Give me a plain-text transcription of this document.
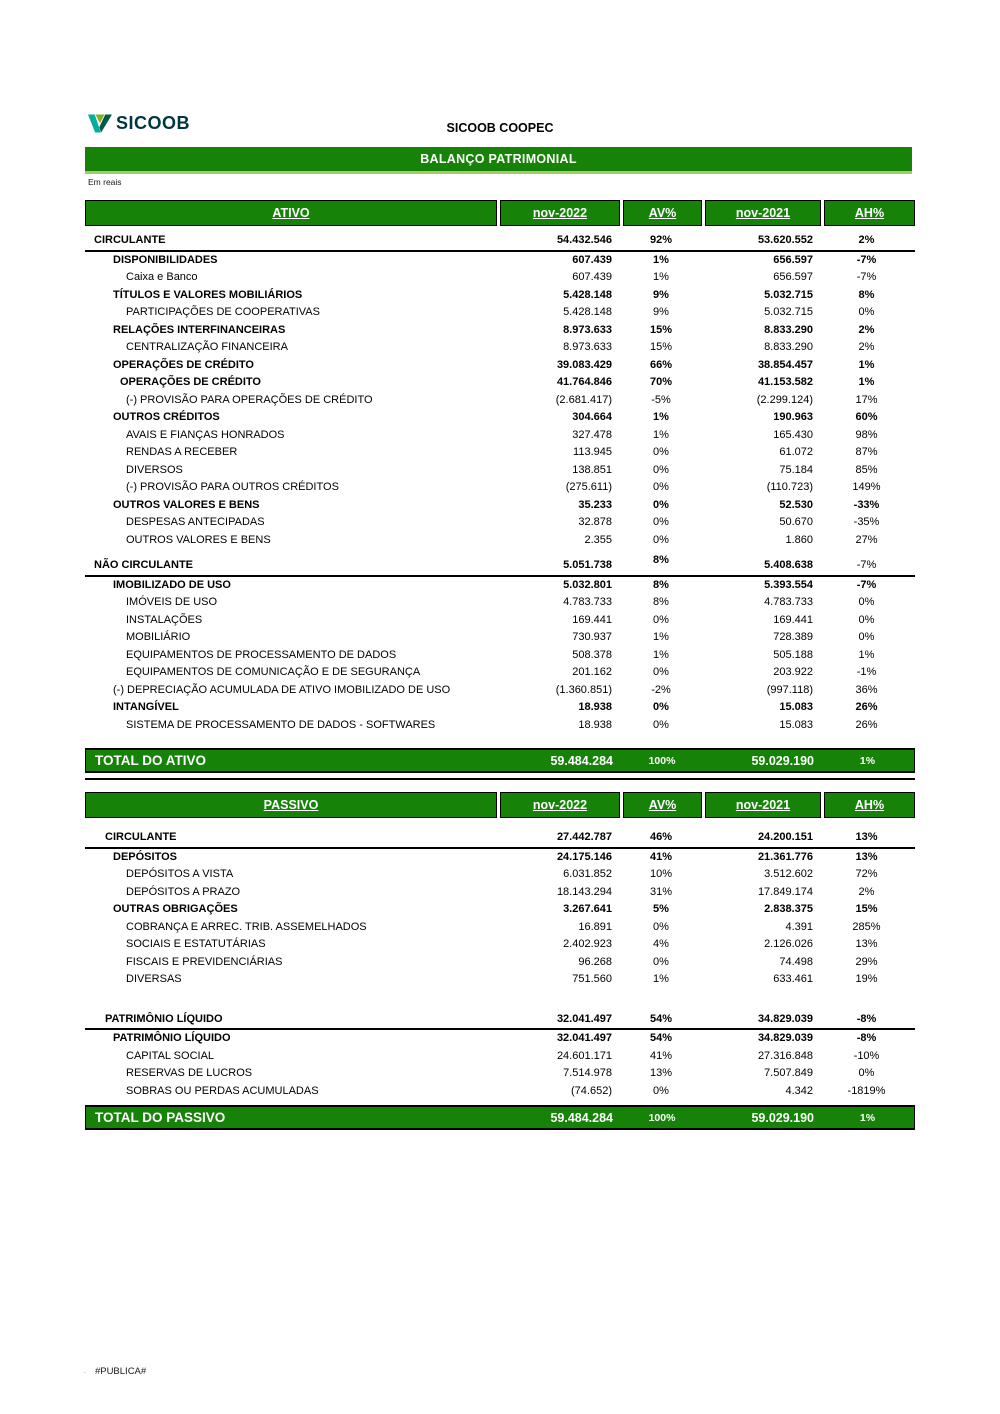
SICOOB	SICOOB COOPEC
BALANÇO PATRIMONIAL
Em reais
ATIVO	nov-2022	AV%	nov-2021	AH%
CIRCULANTE	54.432.546	92%	53.620.552	2%
DISPONIBILIDADES	607.439	1%	656.597	-7%
Caixa e Banco	607.439	1%	656.597	-7%
TÍTULOS E VALORES MOBILIÁRIOS	5.428.148	9%	5.032.715	8%
PARTICIPAÇÕES DE COOPERATIVAS	5.428.148	9%	5.032.715	0%
RELAÇÕES INTERFINANCEIRAS	8.973.633	15%	8.833.290	2%
CENTRALIZAÇÃO FINANCEIRA	8.973.633	15%	8.833.290	2%
OPERAÇÕES DE CRÉDITO	39.083.429	66%	38.854.457	1%
OPERAÇÕES DE CRÉDITO	41.764.846	70%	41.153.582	1%
(-) PROVISÃO PARA OPERAÇÕES DE CRÉDITO	(2.681.417)	-5%	(2.299.124)	17%
OUTROS CRÉDITOS	304.664	1%	190.963	60%
AVAIS E FIANÇAS HONRADOS	327.478	1%	165.430	98%
RENDAS A RECEBER	113.945	0%	61.072	87%
DIVERSOS	138.851	0%	75.184	85%
(-) PROVISÃO PARA OUTROS CRÉDITOS	(275.611)	0%	(110.723)	149%
OUTROS VALORES E BENS	35.233	0%	52.530	-33%
DESPESAS ANTECIPADAS	32.878	0%	50.670	-35%
OUTROS VALORES E BENS	2.355	0%	1.860	27%
NÃO CIRCULANTE	5.051.738	8%	5.408.638	-7%
IMOBILIZADO DE USO	5.032.801	8%	5.393.554	-7%
IMÓVEIS DE USO	4.783.733	8%	4.783.733	0%
INSTALAÇÕES	169.441	0%	169.441	0%
MOBILIÁRIO	730.937	1%	728.389	0%
EQUIPAMENTOS DE PROCESSAMENTO DE DADOS	508.378	1%	505.188	1%
EQUIPAMENTOS DE COMUNICAÇÃO E DE SEGURANÇA	201.162	0%	203.922	-1%
(-) DEPRECIAÇÃO ACUMULADA DE ATIVO IMOBILIZADO DE USO	(1.360.851)	-2%	(997.118)	36%
INTANGÍVEL	18.938	0%	15.083	26%
SISTEMA DE PROCESSAMENTO DE DADOS - SOFTWARES	18.938	0%	15.083	26%
TOTAL DO ATIVO	59.484.284	100%	59.029.190	1%
PASSIVO	nov-2022	AV%	nov-2021	AH%
CIRCULANTE	27.442.787	46%	24.200.151	13%
DEPÓSITOS	24.175.146	41%	21.361.776	13%
DEPÓSITOS A VISTA	6.031.852	10%	3.512.602	72%
DEPÓSITOS A PRAZO	18.143.294	31%	17.849.174	2%
OUTRAS OBRIGAÇÕES	3.267.641	5%	2.838.375	15%
COBRANÇA E ARREC. TRIB. ASSEMELHADOS	16.891	0%	4.391	285%
SOCIAIS E ESTATUTÁRIAS	2.402.923	4%	2.126.026	13%
FISCAIS E PREVIDENCIÁRIAS	96.268	0%	74.498	29%
DIVERSAS	751.560	1%	633.461	19%
PATRIMÔNIO LÍQUIDO	32.041.497	54%	34.829.039	-8%
PATRIMÔNIO LÍQUIDO	32.041.497	54%	34.829.039	-8%
CAPITAL SOCIAL	24.601.171	41%	27.316.848	-10%
RESERVAS DE LUCROS	7.514.978	13%	7.507.849	0%
SOBRAS OU PERDAS ACUMULADAS	(74.652)	0%	4.342	-1819%
TOTAL DO PASSIVO	59.484.284	100%	59.029.190	1%
. #PUBLICA#
